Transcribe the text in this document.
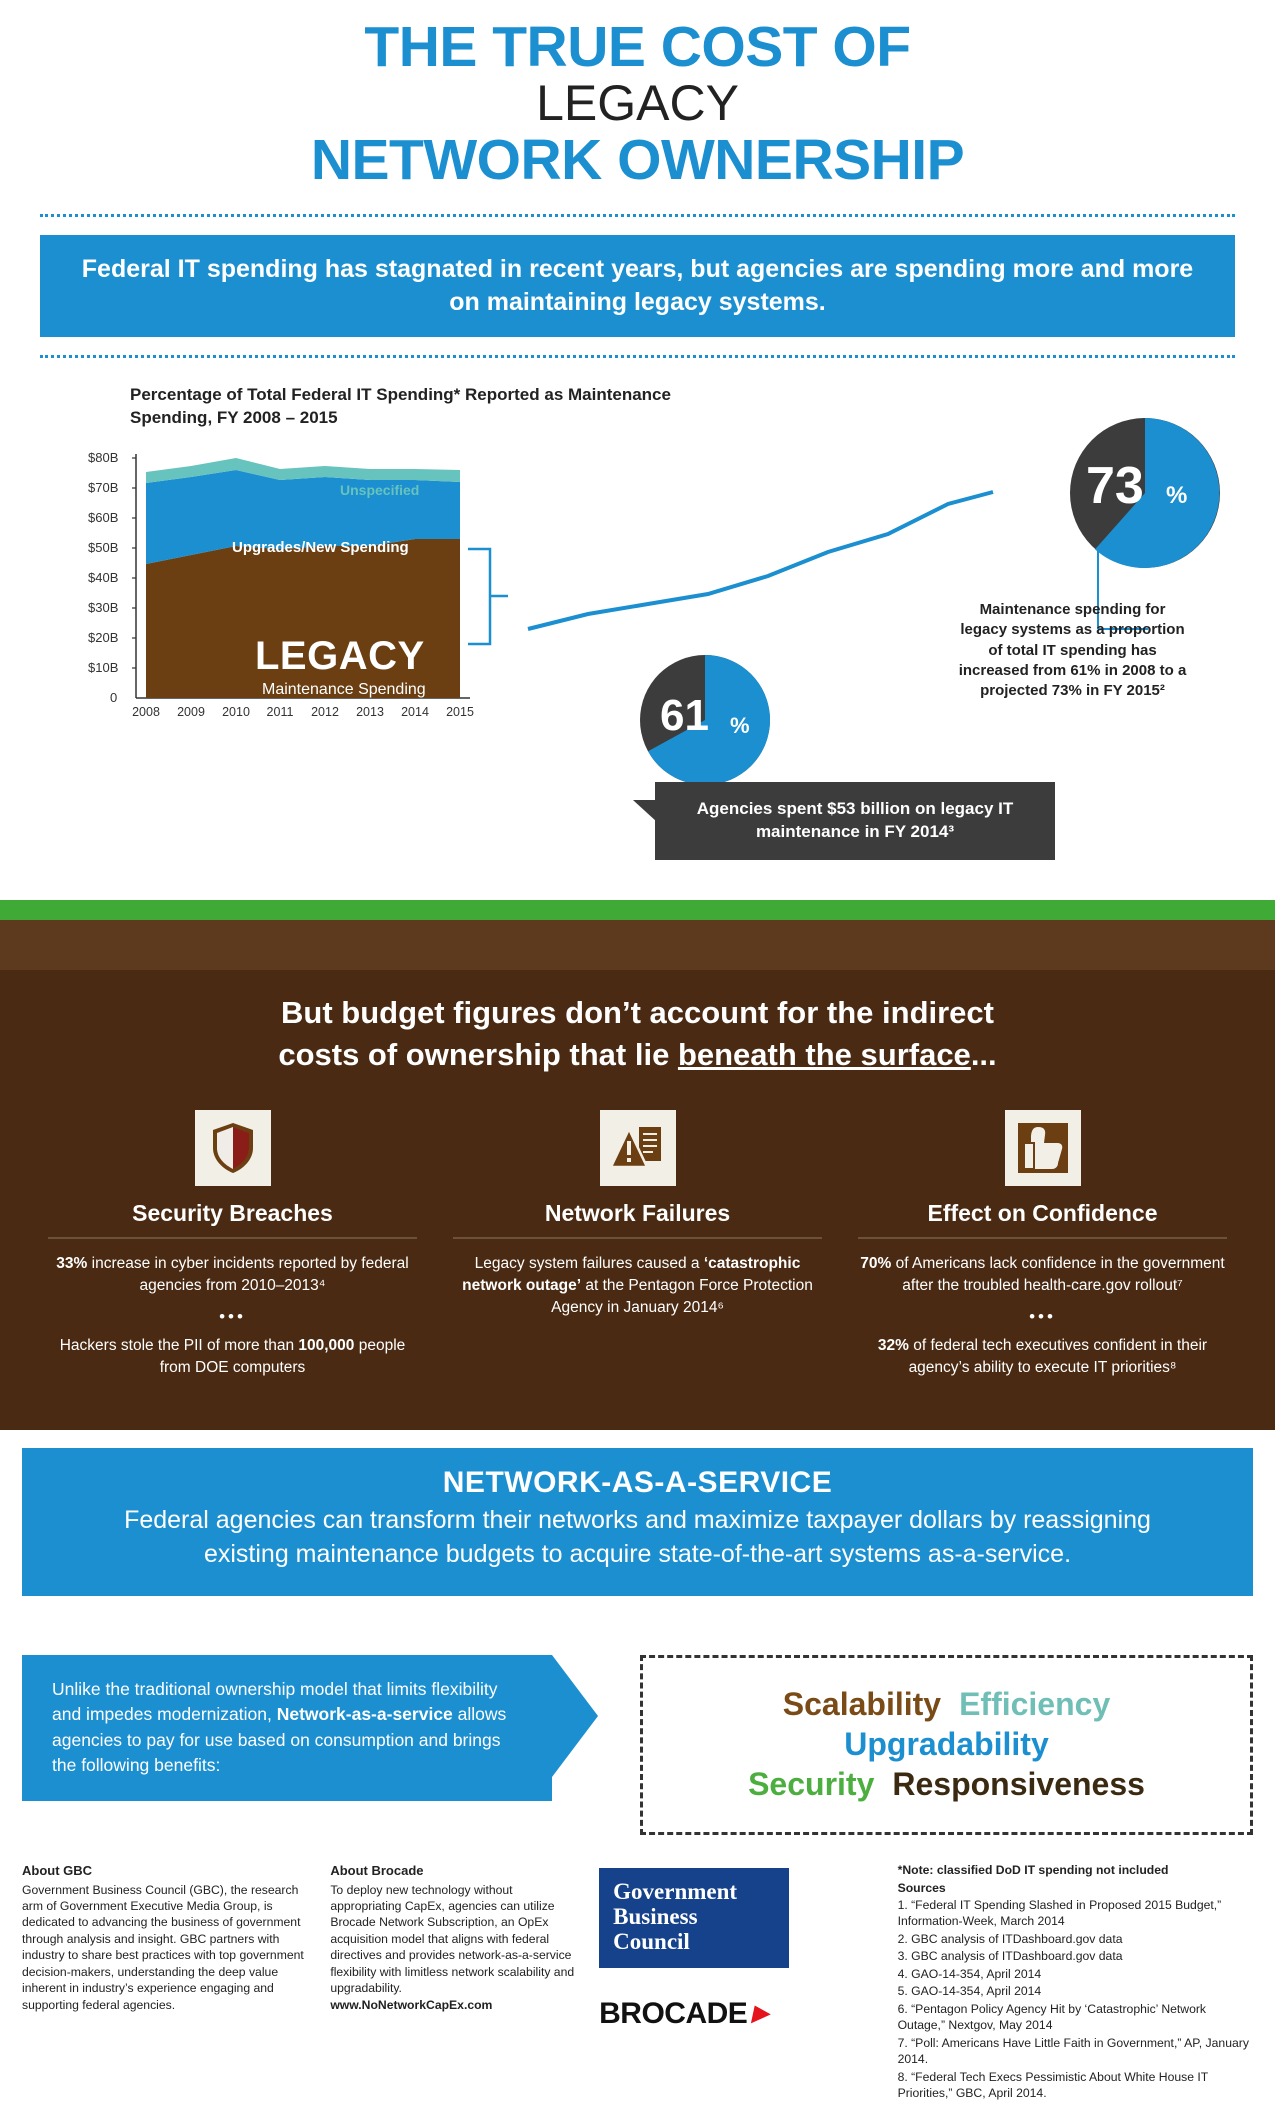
THE TRUE COST OF
LEGACY
NETWORK OWNERSHIP
Federal IT spending has stagnated in recent years, but agencies are spending more and more on maintaining legacy systems.
Percentage of Total Federal IT Spending* Reported as Maintenance Spending, FY 2008 – 2015
$80B
$70B
$60B
$50B
$40B
$30B
$20B
$10B
0
2008 2009 2010 2011 2012 2013 2014 2015
LEGACY
Maintenance Spending
Upgrades/New Spending
Unspecified
61 %
73 %
Maintenance spending for legacy systems as a proportion of total IT spending has increased from 61% in 2008 to a projected 73% in FY 2015²
Agencies spent $53 billion on legacy IT maintenance in FY 2014³
But budget figures don’t account for the indirect
costs of ownership that lie beneath the surface...
Security Breaches

33% increase in cyber incidents reported by federal agencies from 2010–2013⁴

•••

Hackers stole the PII of more than 100,000 people from DOE computers

Network Failures

Legacy system failures caused a ‘catastrophic network outage’ at the Pentagon Force Protection Agency in January 2014⁶

Effect on Confidence

70% of Americans lack confidence in the government after the troubled health-care.gov rollout⁷

•••

32% of federal tech executives confident in their agency’s ability to execute IT priorities⁸

NETWORK-AS-A-SERVICE

Federal agencies can transform their networks and maximize taxpayer dollars by reassigning existing maintenance budgets to acquire state-of-the-art systems as-a-service.

Unlike the traditional ownership model that limits flexibility and impedes modernization, Network-as-a-service allows agencies to pay for use based on consumption and brings the following benefits:
Scalability Efficiency
Upgradability
Security Responsiveness
About GBC
Government Business Council (GBC), the research arm of Government Executive Media Group, is dedicated to advancing the business of government through analysis and insight. GBC partners with industry to share best practices with top government decision-makers, understanding the deep value inherent in industry’s experience engaging and supporting federal agencies.
About Brocade
To deploy new technology without appropriating CapEx, agencies can utilize Brocade Network Subscription, an OpEx acquisition model that aligns with federal directives and provides network-as-a-service flexibility with limitless network scalability and upgradability.
www.NoNetworkCapEx.com
Government
Business
Council
BROCADE►
*Note: classified DoD IT spending not included
Sources
1. “Federal IT Spending Slashed in Proposed 2015 Budget,” Information-Week, March 2014
2. GBC analysis of ITDashboard.gov data
3. GBC analysis of ITDashboard.gov data
4. GAO-14-354, April 2014
5. GAO-14-354, April 2014
6. “Pentagon Policy Agency Hit by ‘Catastrophic’ Network Outage,” Nextgov, May 2014
7. “Poll: Americans Have Little Faith in Government,” AP, January 2014.
8. “Federal Tech Execs Pessimistic About White House IT Priorities,” GBC, April 2014.
